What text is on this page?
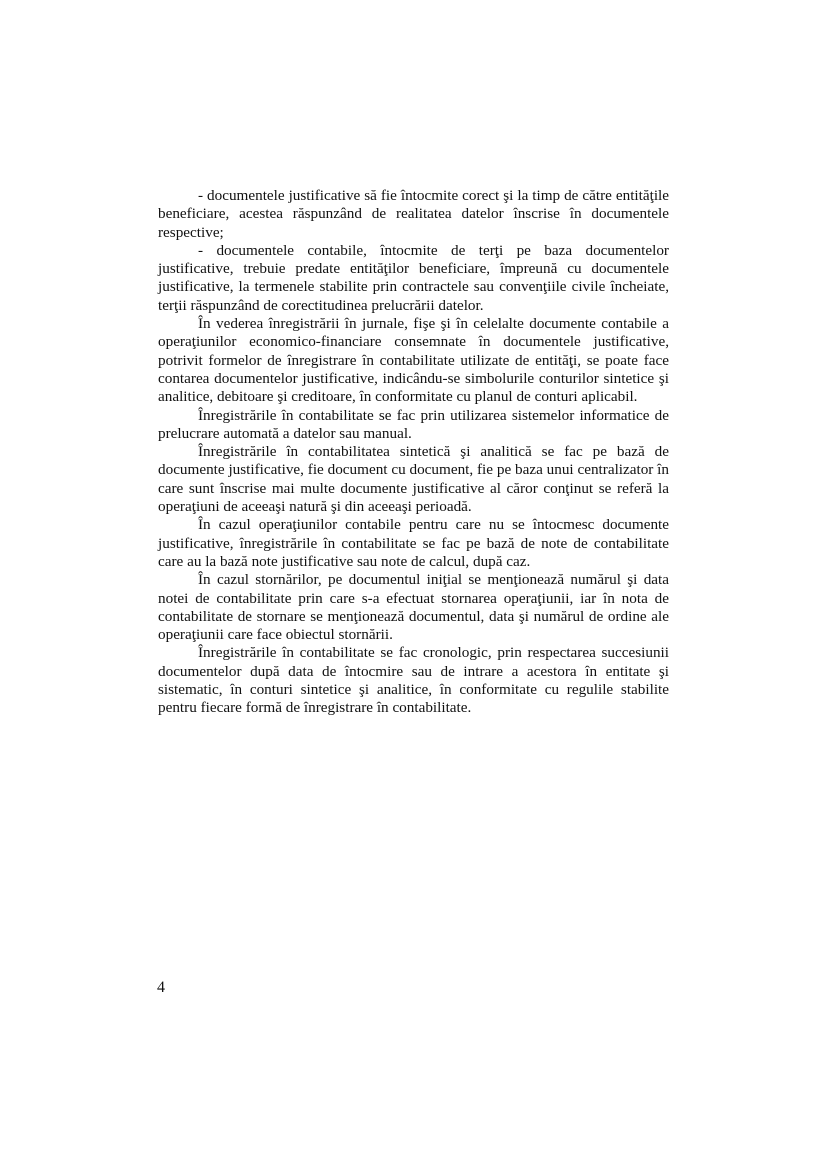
- documentele justificative să fie întocmite corect şi la timp de către entităţile beneficiare, acestea răspunzând de realitatea datelor înscrise în documentele respective;

- documentele contabile, întocmite de terţi pe baza documentelor justificative, trebuie predate entităţilor beneficiare, împreună cu documentele justificative, la termenele stabilite prin contractele sau convenţiile civile încheiate, terţii răspunzând de corectitudinea prelucrării datelor.

În vederea înregistrării în jurnale, fişe şi în celelalte documente contabile a operaţiunilor economico-financiare consemnate în documentele justificative, potrivit formelor de înregistrare în contabilitate utilizate de entităţi, se poate face contarea documentelor justificative, indicându-se simbolurile conturilor sintetice şi analitice, debitoare şi creditoare, în conformitate cu planul de conturi aplicabil.

Înregistrările în contabilitate se fac prin utilizarea sistemelor informatice de prelucrare automată a datelor sau manual.

Înregistrările în contabilitatea sintetică şi analitică se fac pe bază de documente justificative, fie document cu document, fie pe baza unui centralizator în care sunt înscrise mai multe documente justificative al căror conţinut se referă la operaţiuni de aceeaşi natură şi din aceeaşi perioadă.

În cazul operaţiunilor contabile pentru care nu se întocmesc documente justificative, înregistrările în contabilitate se fac pe bază de note de contabilitate care au la bază note justificative sau note de calcul, după caz.

În cazul stornărilor, pe documentul iniţial se menţionează numărul şi data notei de contabilitate prin care s-a efectuat stornarea operaţiunii, iar în nota de contabilitate de stornare se menţionează documentul, data şi numărul de ordine ale operaţiunii care face obiectul stornării.

Înregistrările în contabilitate se fac cronologic, prin respectarea succesiunii documentelor după data de întocmire sau de intrare a acestora în entitate şi sistematic, în conturi sintetice şi analitice, în conformitate cu regulile stabilite pentru fiecare formă de înregistrare în contabilitate.

4
